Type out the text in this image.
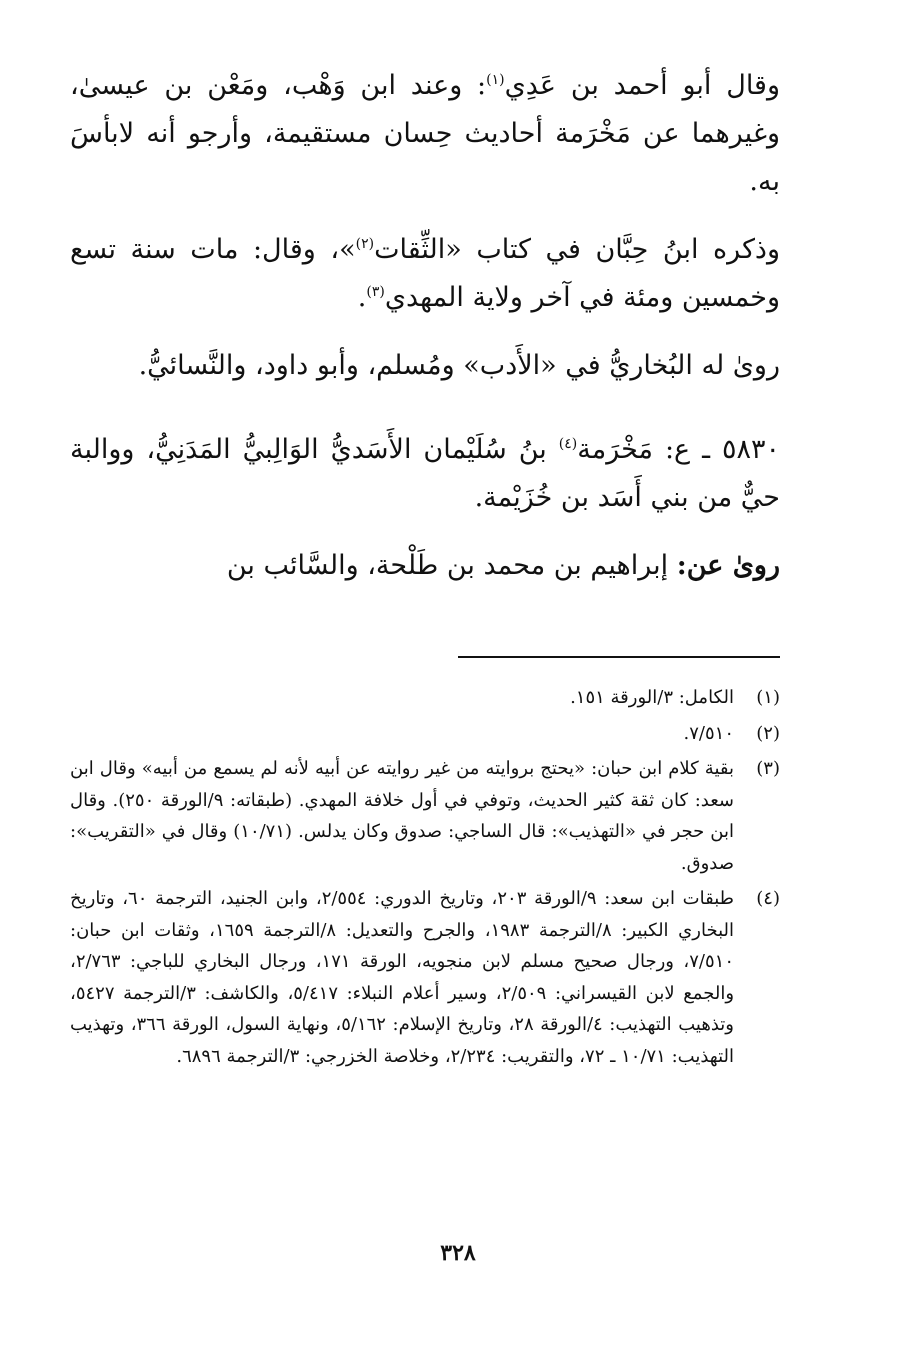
وقال أبو أحمد بن عَدِي$^{(١)}$: وعند ابن وَهْب، ومَعْن بن عيسىٰ، وغيرهما عن مَخْرَمة أحاديث حِسان مستقيمة، وأرجو أنه لابأسَ به.

وذكره ابنُ حِبَّان في كتاب «الثِّقات$^{(٢)}$»، وقال: مات سنة تسع وخمسين ومئة في آخر ولاية المهدي$^{(٣)}$.

روىٰ له البُخاريُّ في «الأَدب» ومُسلم، وأبو داود، والنَّسائيُّ.

٥٨٣٠ ـ ع: مَخْرَمة$^{(٤)}$ بنُ سُلَيْمان الأَسَديُّ الوَالِبيُّ المَدَنِيُّ، ووالبة حيٌّ من بني أَسَد بن خُزَيْمة.

روىٰ عن: إبراهيم بن محمد بن طَلْحة، والسَّائب بن

(١)
الكامل: ٣/الورقة ١٥١.
(٢)
٧/٥١٠.
(٣)
بقية كلام ابن حبان: «يحتج بروايته من غير روايته عن أبيه لأنه لم يسمع من أبيه» وقال ابن سعد: كان ثقة كثير الحديث، وتوفي في أول خلافة المهدي. (طبقاته: ٩/الورقة ٢٥٠). وقال ابن حجر في «التهذيب»: قال الساجي: صدوق وكان يدلس. (١٠/٧١) وقال في «التقريب»: صدوق.
(٤)
طبقات ابن سعد: ٩/الورقة ٢٠٣، وتاريخ الدوري: ٢/٥٥٤، وابن الجنيد، الترجمة ٦٠، وتاريخ البخاري الكبير: ٨/الترجمة ١٩٨٣، والجرح والتعديل: ٨/الترجمة ١٦٥٩، وثقات ابن حبان: ٧/٥١٠، ورجال صحيح مسلم لابن منجويه، الورقة ١٧١، ورجال البخاري للباجي: ٢/٧٦٣، والجمع لابن القيسراني: ٢/٥٠٩، وسير أعلام النبلاء: ٥/٤١٧، والكاشف: ٣/الترجمة ٥٤٢٧، وتذهيب التهذيب: ٤/الورقة ٢٨، وتاريخ الإسلام: ٥/١٦٢، ونهاية السول، الورقة ٣٦٦، وتهذيب التهذيب: ١٠/٧١ ـ ٧٢، والتقريب: ٢/٢٣٤، وخلاصة الخزرجي: ٣/الترجمة ٦٨٩٦.
٣٢٨
